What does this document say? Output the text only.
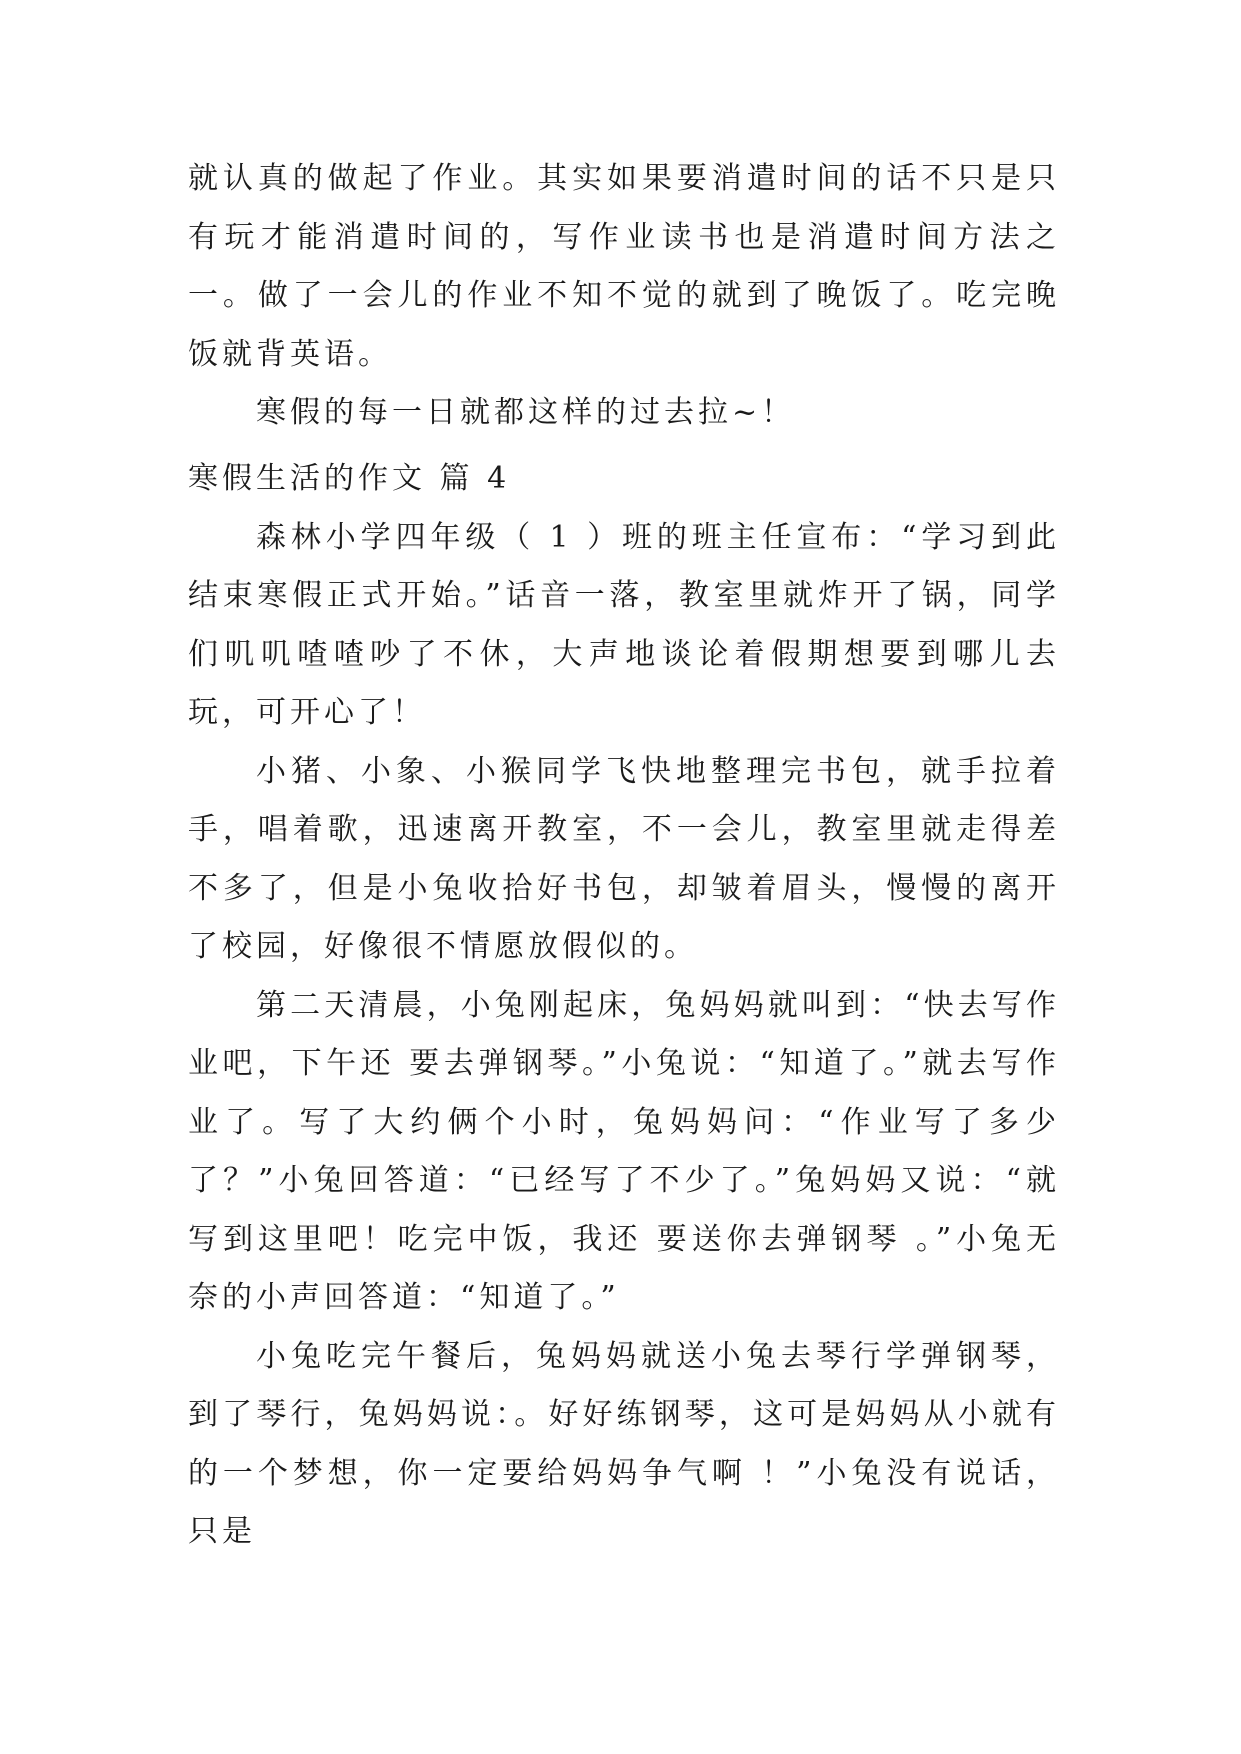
就认真的做起了作业。其实如果要消遣时间的话不只是只有玩才能消遣时间的，写作业读书也是消遣时间方法之一。做了一会儿的作业不知不觉的就到了晚饭了。吃完晚饭就背英语。

寒假的每一日就都这样的过去拉~！

寒假生活的作文 篇 4

森林小学四年级（ 1 ）班的班主任宣布：“学习到此结束寒假正式开始。”话音一落，教室里就炸开了锅，同学们叽叽喳喳吵了不休，大声地谈论着假期想要到哪儿去玩，可开心了！

小猪、小象、小猴同学飞快地整理完书包，就手拉着手，唱着歌，迅速离开教室，不一会儿，教室里就走得差不多了，但是小兔收拾好书包，却皱着眉头，慢慢的离开了校园，好像很不情愿放假似的。

第二天清晨，小兔刚起床，兔妈妈就叫到：“快去写作业吧，下午还 要去弹钢琴。”小兔说：“知道了。”就去写作业了。写了大约俩个小时，兔妈妈问：“作业写了多少了？”小兔回答道：“已经写了不少了。”兔妈妈又说：“就写到这里吧！吃完中饭，我还 要送你去弹钢琴 。”小兔无奈的小声回答道：“知道了。”

小兔吃完午餐后，兔妈妈就送小兔去琴行学弹钢琴，到了琴行，兔妈妈说：。好好练钢琴，这可是妈妈从小就有的一个梦想，你一定要给妈妈争气啊 ！”小兔没有说话，只是
